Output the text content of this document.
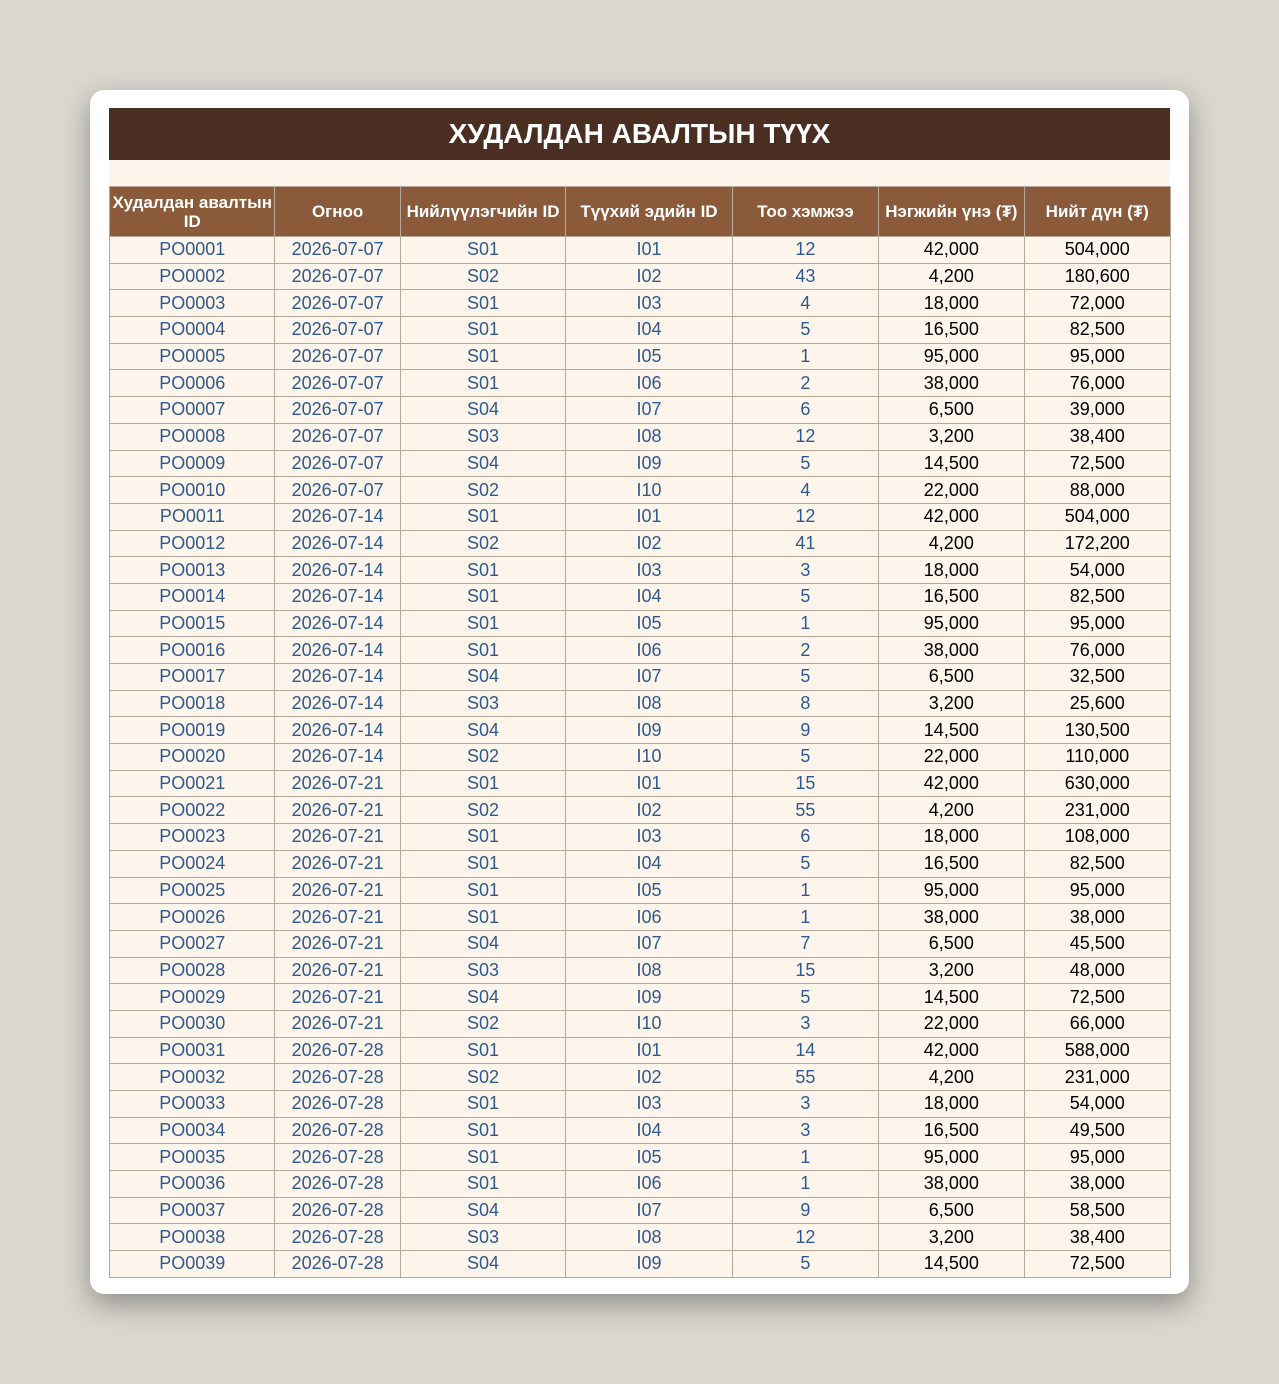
ХУДАЛДАН АВАЛТЫН ТҮҮХ
Худалдан авалтын ID	Огноо	Нийлүүлэгчийн ID	Түүхий эдийн ID	Тоо хэмжээ	Нэгжийн үнэ (₮)	Нийт дүн (₮)
PO0001	2026-07-07	S01	I01	12	42,000	504,000
PO0002	2026-07-07	S02	I02	43	4,200	180,600
PO0003	2026-07-07	S01	I03	4	18,000	72,000
PO0004	2026-07-07	S01	I04	5	16,500	82,500
PO0005	2026-07-07	S01	I05	1	95,000	95,000
PO0006	2026-07-07	S01	I06	2	38,000	76,000
PO0007	2026-07-07	S04	I07	6	6,500	39,000
PO0008	2026-07-07	S03	I08	12	3,200	38,400
PO0009	2026-07-07	S04	I09	5	14,500	72,500
PO0010	2026-07-07	S02	I10	4	22,000	88,000
PO0011	2026-07-14	S01	I01	12	42,000	504,000
PO0012	2026-07-14	S02	I02	41	4,200	172,200
PO0013	2026-07-14	S01	I03	3	18,000	54,000
PO0014	2026-07-14	S01	I04	5	16,500	82,500
PO0015	2026-07-14	S01	I05	1	95,000	95,000
PO0016	2026-07-14	S01	I06	2	38,000	76,000
PO0017	2026-07-14	S04	I07	5	6,500	32,500
PO0018	2026-07-14	S03	I08	8	3,200	25,600
PO0019	2026-07-14	S04	I09	9	14,500	130,500
PO0020	2026-07-14	S02	I10	5	22,000	110,000
PO0021	2026-07-21	S01	I01	15	42,000	630,000
PO0022	2026-07-21	S02	I02	55	4,200	231,000
PO0023	2026-07-21	S01	I03	6	18,000	108,000
PO0024	2026-07-21	S01	I04	5	16,500	82,500
PO0025	2026-07-21	S01	I05	1	95,000	95,000
PO0026	2026-07-21	S01	I06	1	38,000	38,000
PO0027	2026-07-21	S04	I07	7	6,500	45,500
PO0028	2026-07-21	S03	I08	15	3,200	48,000
PO0029	2026-07-21	S04	I09	5	14,500	72,500
PO0030	2026-07-21	S02	I10	3	22,000	66,000
PO0031	2026-07-28	S01	I01	14	42,000	588,000
PO0032	2026-07-28	S02	I02	55	4,200	231,000
PO0033	2026-07-28	S01	I03	3	18,000	54,000
PO0034	2026-07-28	S01	I04	3	16,500	49,500
PO0035	2026-07-28	S01	I05	1	95,000	95,000
PO0036	2026-07-28	S01	I06	1	38,000	38,000
PO0037	2026-07-28	S04	I07	9	6,500	58,500
PO0038	2026-07-28	S03	I08	12	3,200	38,400
PO0039	2026-07-28	S04	I09	5	14,500	72,500
